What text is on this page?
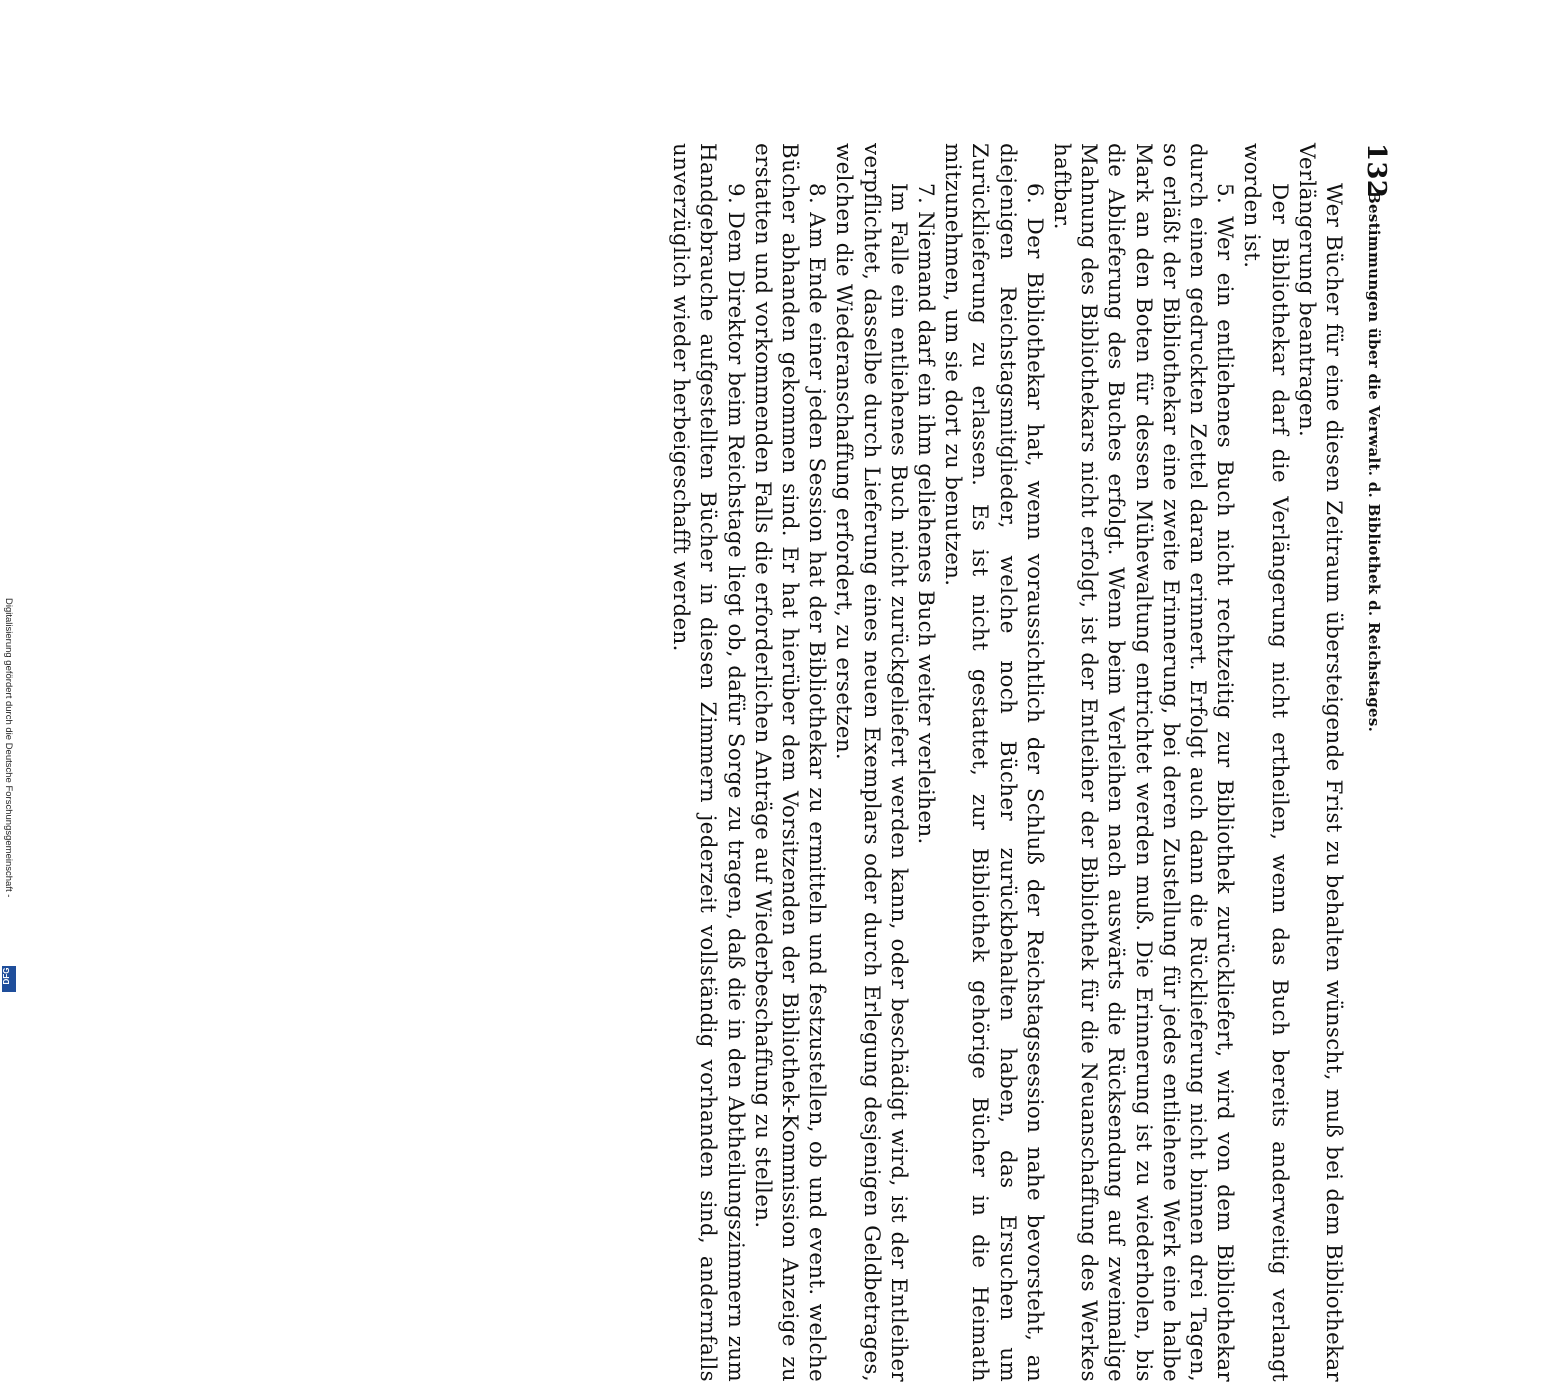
132
Bestimmungen über die Verwalt. d. Bibliothek d. Reichstages.

Wer Bücher für eine diesen Zeitraum übersteigende Frist zu behalten wünscht, muß bei dem Bibliothekar Verlängerung beantragen.

Der Bibliothekar darf die Verlängerung nicht ertheilen, wenn das Buch bereits anderweitig verlangt worden ist.

5. Wer ein entliehenes Buch nicht rechtzeitig zur Bibliothek zurückliefert, wird von dem Bibliothekar durch einen gedruckten Zettel daran erinnert. Erfolgt auch dann die Rücklieferung nicht binnen drei Tagen, so erläßt der Bibliothekar eine zweite Erinnerung, bei deren Zustellung für jedes entliehene Werk eine halbe Mark an den Boten für dessen Mühewaltung entrichtet werden muß. Die Erinnerung ist zu wiederholen, bis die Ablieferung des Buches erfolgt. Wenn beim Verleihen nach auswärts die Rücksendung auf zweimalige Mahnung des Bibliothekars nicht erfolgt, ist der Entleiher der Bibliothek für die Neuanschaffung des Werkes haftbar.

6. Der Bibliothekar hat, wenn voraussichtlich der Schluß der Reichstagssession nahe bevorsteht, an diejenigen Reichstagsmitglieder, welche noch Bücher zurückbehalten haben, das Ersuchen um Zurücklieferung zu erlassen. Es ist nicht gestattet, zur Bibliothek gehörige Bücher in die Heimath mitzunehmen, um sie dort zu benutzen.

7. Niemand darf ein ihm geliehenes Buch weiter verleihen.

Im Falle ein entliehenes Buch nicht zurückgeliefert werden kann, oder beschädigt wird, ist der Entleiher verpflichtet, dasselbe durch Lieferung eines neuen Exemplars oder durch Erlegung desjenigen Geldbetrages, welchen die Wiederanschaffung erfordert, zu ersetzen.

8. Am Ende einer jeden Session hat der Bibliothekar zu ermitteln und festzustellen, ob und event. welche Bücher abhanden gekommen sind. Er hat hierüber dem Vorsitzenden der Bibliothek-Kommission Anzeige zu erstatten und vorkommenden Falls die erforderlichen Anträge auf Wiederbeschaffung zu stellen.

9. Dem Direktor beim Reichstage liegt ob, dafür Sorge zu tragen, daß die in den Abtheilungszimmern zum Handgebrauche aufgestellten Bücher in diesen Zimmern jederzeit vollständig vorhanden sind, andernfalls unverzüglich wieder herbeigeschafft werden.

Digitalisierung gefördert durch die Deutsche Forschungsgemeinschaft -
DFG
